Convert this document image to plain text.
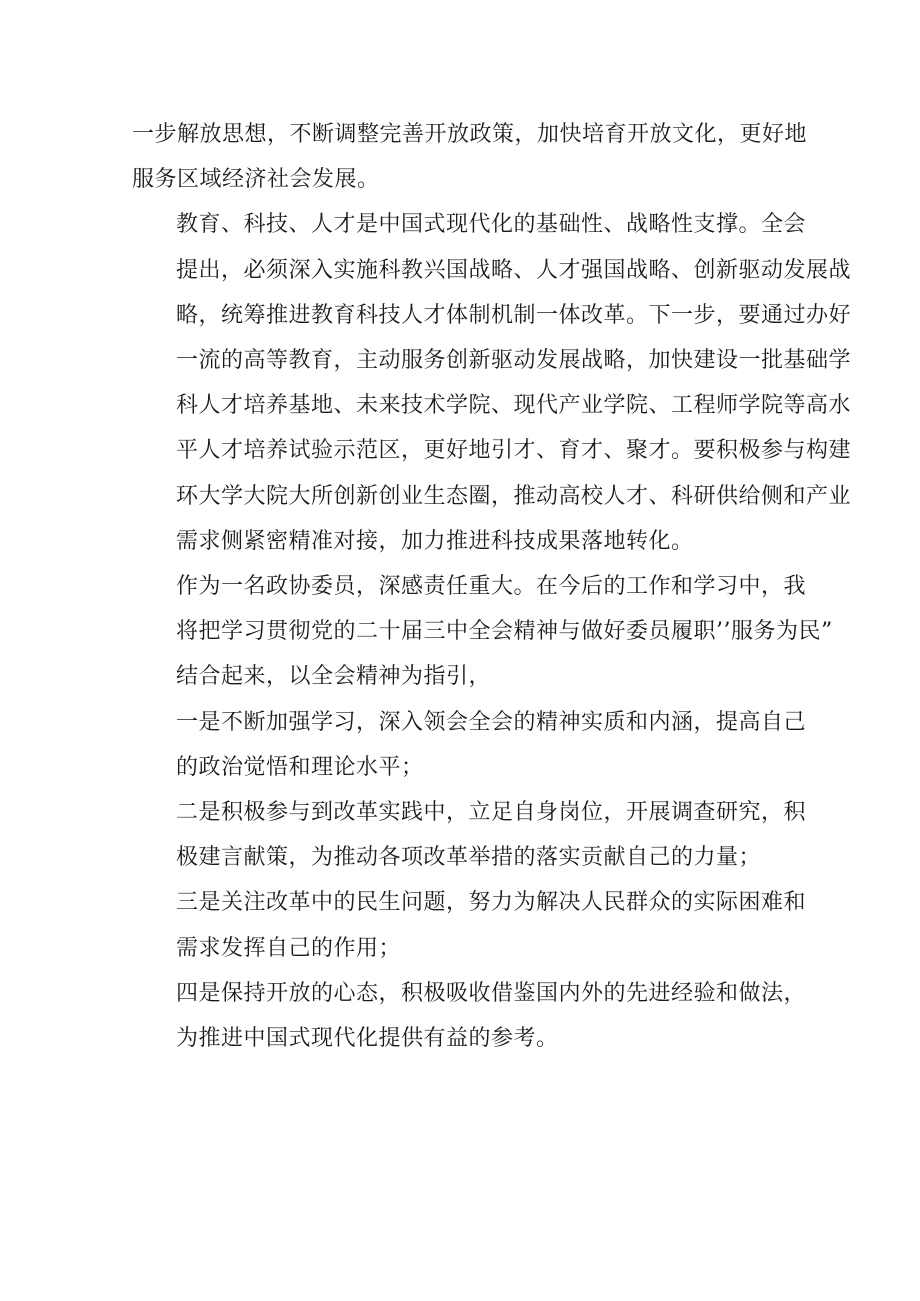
一步解放思想，不断调整完善开放政策，加快培育开放文化，更好地
服务区域经济社会发展。

教育、科技、人才是中国式现代化的基础性、战略性支撑。全会
提出，必须深入实施科教兴国战略、人才强国战略、创新驱动发展战
略，统筹推进教育科技人才体制机制一体改革。下一步，要通过办好
一流的高等教育，主动服务创新驱动发展战略，加快建设一批基础学
科人才培养基地、未来技术学院、现代产业学院、工程师学院等高水
平人才培养试验示范区，更好地引才、育才、聚才。要积极参与构建
环大学大院大所创新创业生态圈，推动高校人才、科研供给侧和产业
需求侧紧密精准对接，加力推进科技成果落地转化。

作为一名政协委员，深感责任重大。在今后的工作和学习中，我
将把学习贯彻党的二十届三中全会精神与做好委员履职’’服务为民”
结合起来，以全会精神为指引，

一是不断加强学习，深入领会全会的精神实质和内涵，提高自己
的政治觉悟和理论水平；

二是积极参与到改革实践中，立足自身岗位，开展调查研究，积
极建言献策，为推动各项改革举措的落实贡献自己的力量；

三是关注改革中的民生问题，努力为解决人民群众的实际困难和
需求发挥自己的作用；

四是保持开放的心态，积极吸收借鉴国内外的先进经验和做法，
为推进中国式现代化提供有益的参考。
